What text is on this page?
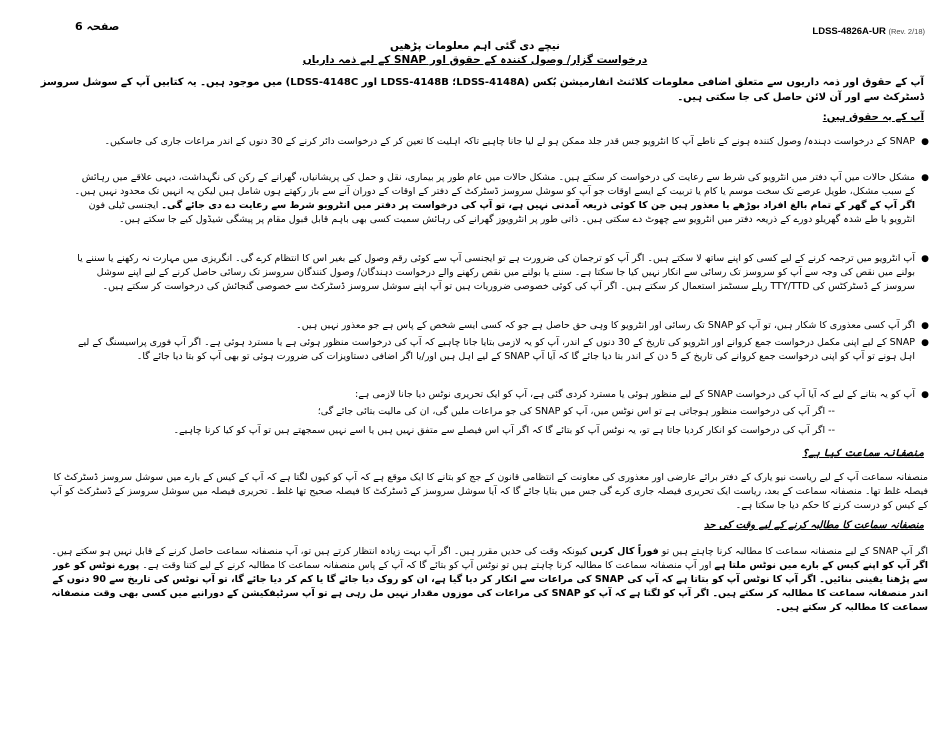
صفحہ 6	LDSS-4826A-UR (Rev. 2/18)
نیچے دی گئی اہم معلومات پڑھیں
درخواست گزار/ وصول کنندہ کے حقوق اور SNAP کے لیے ذمہ داریاں
آپ کے حقوق اور ذمہ داریوں سے متعلق اضافی معلومات کلائنٹ انفارمیشن بُکس (LDSS-4148A؛ LDSS-4148B اور LDSS-4148C) میں موجود ہیں۔ یہ کتابیں آپ کے سوشل سروسز ڈسٹرکٹ سے اور آن لائن حاصل کی جا سکتی ہیں۔
آپ کے یہ حقوق ہیں:
●
SNAP کے درخواست دہندہ/ وصول کنندہ ہونے کے ناطے آپ کا انٹرویو جس قدر جلد ممکن ہو لے لیا جانا چاہیے تاکہ اہلیت کا تعین کر کے درخواست دائر کرنے کے 30 دنوں کے اندر مراعات جاری کی جاسکیں۔
●
مشکل حالات میں آپ دفتر میں انٹرویو کی شرط سے رعایت کی درخواست کر سکتے ہیں۔ مشکل حالات میں عام طور پر بیماری، نقل و حمل کی پریشانیاں، گھرانے کے رکن کی نگہداشت، دیہی علاقے میں رہائش کے سبب مشکل، طویل عرصے تک سخت موسم یا کام یا تربیت کے ایسے اوقات جو آپ کو سوشل سروسز ڈسٹرکٹ کے دفتر کے اوقات کے دوران آنے سے باز رکھتے ہوں شامل ہیں لیکن یہ انہیں تک محدود نہیں ہیں۔ اگر آپ کے گھر کے تمام بالغ افراد بوڑھے یا معذور ہیں جن کا کوئی ذریعہ آمدنی نہیں ہے، تو آپ کی درخواست پر دفتر میں انٹرویو شرط سے رعایت دے دی جائے گی۔ ایجنسی ٹیلی فون انٹرویو یا طے شدہ گھریلو دورے کے ذریعہ دفتر میں انٹرویو سے چھوٹ دے سکتی ہیں۔ ذاتی طور پر انٹرویوز گھرانے کی رہائش سمیت کسی بھی باہم قابل قبول مقام پر پیشگی شیڈول کیے جا سکتے ہیں۔
●
آپ انٹرویو میں ترجمہ کرنے کے لیے کسی کو اپنے ساتھ لا سکتے ہیں۔ اگر آپ کو ترجمان کی ضرورت ہے تو ایجنسی آپ سے کوئی رقم وصول کیے بغیر اس کا انتظام کرے گی۔ انگریزی میں مہارت نہ رکھنے یا سننے یا بولنے میں نقص کی وجہ سے آپ کو سروسز تک رسائی سے انکار نہیں کیا جا سکتا ہے۔ سننے یا بولنے میں نقص رکھنے والے درخواست دہندگان/ وصول کنندگان سروسز تک رسائی حاصل کرنے کے لیے اپنے سوشل سروسز کے ڈسٹرکٹس کی TTY/TTD ریلے سسٹمز استعمال کر سکتے ہیں۔ اگر آپ کی کوئی خصوصی ضروریات ہیں تو آپ اپنے سوشل سروسز ڈسٹرکٹ سے خصوصی گنجائش کی درخواست کر سکتے ہیں۔
●
اگر آپ کسی معذوری کا شکار ہیں، تو آپ کو SNAP تک رسائی اور انٹرویو کا وہی حق حاصل ہے جو کہ کسی ایسے شخص کے پاس ہے جو معذور نہیں ہیں۔
●
SNAP کے لیے اپنی مکمل درخواست جمع کروانے اور انٹرویو کی تاریخ کے 30 دنوں کے اندر، آپ کو یہ لازمی بتایا جانا چاہیے کہ آپ کی درخواست منظور ہوئی ہے یا مسترد ہوئی ہے۔ اگر آپ فوری پراسیسنگ کے لیے اہل ہونے تو آپ کو اپنی درخواست جمع کروانے کی تاریخ کے 5 دن کے اندر بتا دیا جائے گا کہ آیا آپ SNAP کے لیے اہل ہیں اور/یا اگر اضافی دستاویزات کی ضرورت ہوئی تو بھی آپ کو بتا دیا جائے گا۔
●
آپ کو یہ بتانے کے لیے کہ آیا آپ کی درخواست SNAP کے لیے منظور ہوئی یا مسترد کردی گئی ہے، آپ کو ایک تحریری نوٹس دیا جانا لازمی ہے:
-- اگر آپ کی درخواست منظور ہوجاتی ہے تو اس نوٹس میں، آپ کو SNAP کی جو مراعات ملیں گی، ان کی مالیت بتائی جائے گی؛
-- اگر آپ کی درخواست کو انکار کردیا جاتا ہے تو، یہ نوٹس آپ کو بتائے گا کہ اگر آپ اس فیصلے سے متفق نہیں ہیں یا اسے نہیں سمجھتے ہیں تو آپ کو کیا کرنا چاہیے۔
منصفانہ سماعت کیا ہے؟
منصفانہ سماعت آپ کے لیے ریاست نیو یارک کے دفتر برائے عارضی اور معذوری کی معاونت کے انتظامی قانون کے جج کو بتانے کا ایک موقع ہے کہ آپ کو کیوں لگتا ہے کہ آپ کے کیس کے بارے میں سوشل سروسز ڈسٹرکٹ کا فیصلہ غلط تھا۔ منصفانہ سماعت کے بعد، ریاست ایک تحریری فیصلہ جاری کرے گی جس میں بتایا جائے گا کہ آیا سوشل سروسز کے ڈسٹرکٹ کا فیصلہ صحیح تھا غلط۔ تحریری فیصلہ میں سوشل سروسز کے ڈسٹرکٹ کو آپ کے کیس کو درست کرنے کا حکم دیا جا سکتا ہے۔
منصفانہ سماعت کا مطالبہ کرنے کے لیے وقت کی حد
اگر آپ SNAP کے لیے منصفانہ سماعت کا مطالبہ کرنا چاہتے ہیں تو فوراً کال کریں کیونکہ وقت کی حدیں مقرر ہیں۔ اگر آپ بہت زیادہ انتظار کرتے ہیں تو، آپ منصفانہ سماعت حاصل کرنے کے قابل نہیں ہو سکتے ہیں۔ اگر آپ کو اپنے کیس کے بارے میں نوٹس ملتا ہے اور آپ منصفانہ سماعت کا مطالبہ کرنا چاہتے ہیں تو نوٹس آپ کو بتائے گا کہ آپ کے پاس منصفانہ سماعت کا مطالبہ کرنے کے لیے کتنا وقت ہے۔ پورے نوٹس کو غور سے پڑھنا یقینی بنائیں۔ اگر آپ کا نوٹس آپ کو بتاتا ہے کہ آپ کی SNAP کی مراعات سے انکار کر دیا گیا ہے، ان کو روک دیا جائے گا یا کم کر دیا جائے گا، تو آپ نوٹس کی تاریخ سے 90 دنوں کے اندر منصفانہ سماعت کا مطالبہ کر سکتے ہیں۔ اگر آپ کو لگتا ہے کہ آپ کو SNAP کی مراعات کی موزوں مقدار نہیں مل رہی ہے تو آپ سرٹیفکیشن کے دورانیے میں کسی بھی وقت منصفانہ سماعت کا مطالبہ کر سکتے ہیں۔
